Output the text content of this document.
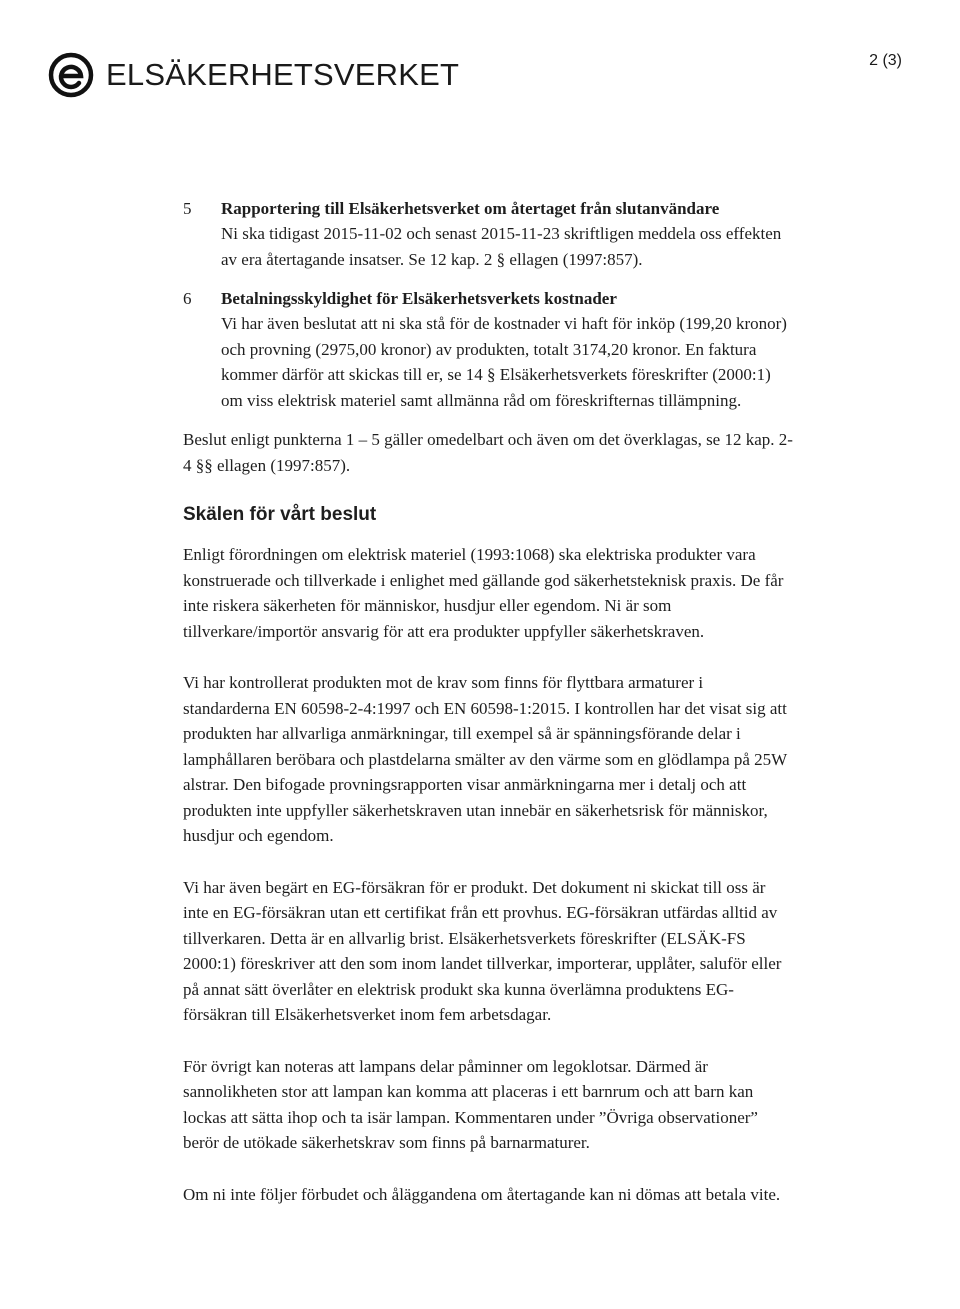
ELSÄKERHETSVERKET	2 (3)
5 Rapportering till Elsäkerhetsverket om återtaget från slutanvändare

Ni ska tidigast 2015-11-02 och senast 2015-11-23 skriftligen meddela oss effekten av era återtagande insatser. Se 12 kap. 2 § ellagen (1997:857).

6 Betalningsskyldighet för Elsäkerhetsverkets kostnader

Vi har även beslutat att ni ska stå för de kostnader vi haft för inköp (199,20 kronor) och provning (2975,00 kronor) av produkten, totalt 3174,20 kronor. En faktura kommer därför att skickas till er, se 14 § Elsäkerhetsverkets föreskrifter (2000:1) om viss elektrisk materiel samt allmänna råd om föreskrifternas tillämpning.

Beslut enligt punkterna 1 – 5 gäller omedelbart och även om det överklagas, se 12 kap. 2-4 §§ ellagen (1997:857).

Skälen för vårt beslut

Enligt förordningen om elektrisk materiel (1993:1068) ska elektriska produkter vara konstruerade och tillverkade i enlighet med gällande god säkerhetsteknisk praxis. De får inte riskera säkerheten för människor, husdjur eller egendom. Ni är som tillverkare/importör ansvarig för att era produkter uppfyller säkerhetskraven.

Vi har kontrollerat produkten mot de krav som finns för flyttbara armaturer i standarderna EN 60598-2-4:1997 och EN 60598-1:2015. I kontrollen har det visat sig att produkten har allvarliga anmärkningar, till exempel så är spänningsförande delar i lamphållaren beröbara och plastdelarna smälter av den värme som en glödlampa på 25W alstrar. Den bifogade provningsrapporten visar anmärkningarna mer i detalj och att produkten inte uppfyller säkerhetskraven utan innebär en säkerhetsrisk för människor, husdjur och egendom.

Vi har även begärt en EG-försäkran för er produkt. Det dokument ni skickat till oss är inte en EG-försäkran utan ett certifikat från ett provhus. EG-försäkran utfärdas alltid av tillverkaren. Detta är en allvarlig brist. Elsäkerhetsverkets föreskrifter (ELSÄK-FS 2000:1) föreskriver att den som inom landet tillverkar, importerar, upplåter, saluför eller på annat sätt överlåter en elektrisk produkt ska kunna överlämna produktens EG-försäkran till Elsäkerhetsverket inom fem arbetsdagar.

För övrigt kan noteras att lampans delar påminner om legoklotsar. Därmed är sannolikheten stor att lampan kan komma att placeras i ett barnrum och att barn kan lockas att sätta ihop och ta isär lampan. Kommentaren under ”Övriga observationer” berör de utökade säkerhetskrav som finns på barnarmaturer.

Om ni inte följer förbudet och åläggandena om återtagande kan ni dömas att betala vite.
